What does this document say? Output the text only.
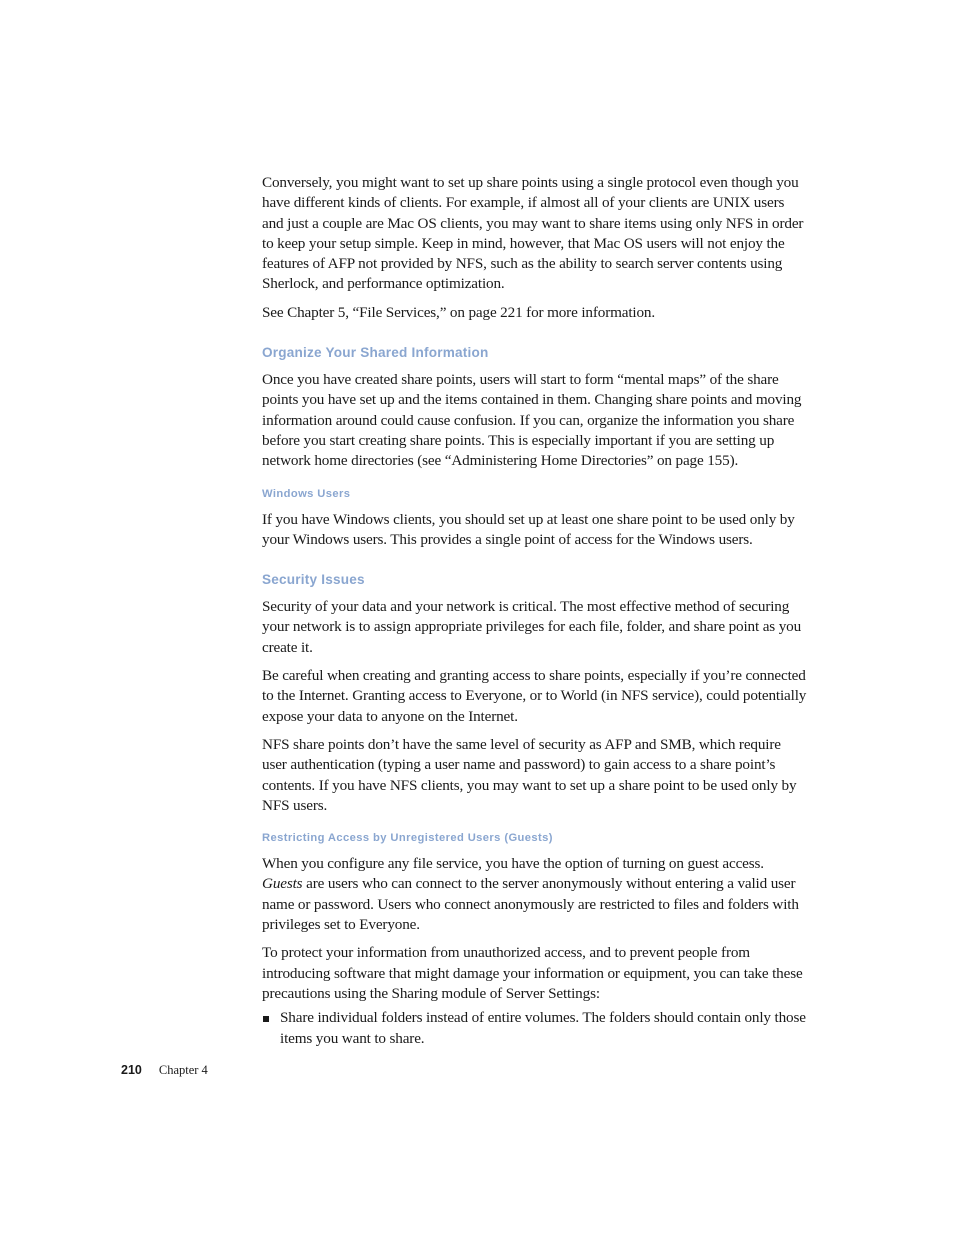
Conversely, you might want to set up share points using a single protocol even though you have different kinds of clients. For example, if almost all of your clients are UNIX users and just a couple are Mac OS clients, you may want to share items using only NFS in order to keep your setup simple. Keep in mind, however, that Mac OS users will not enjoy the features of AFP not provided by NFS, such as the ability to search server contents using Sherlock, and performance optimization.

See Chapter 5, “File Services,” on page 221 for more information.

Organize Your Shared Information

Once you have created share points, users will start to form “mental maps” of the share points you have set up and the items contained in them. Changing share points and moving information around could cause confusion. If you can, organize the information you share before you start creating share points. This is especially important if you are setting up network home directories (see “Administering Home Directories” on page 155).

Windows Users

If you have Windows clients, you should set up at least one share point to be used only by your Windows users. This provides a single point of access for the Windows users.

Security Issues

Security of your data and your network is critical. The most effective method of securing your network is to assign appropriate privileges for each file, folder, and share point as you create it.

Be careful when creating and granting access to share points, especially if you’re connected to the Internet. Granting access to Everyone, or to World (in NFS service), could potentially expose your data to anyone on the Internet.

NFS share points don’t have the same level of security as AFP and SMB, which require user authentication (typing a user name and password) to gain access to a share point’s contents. If you have NFS clients, you may want to set up a share point to be used only by NFS users.

Restricting Access by Unregistered Users (Guests)

When you configure any file service, you have the option of turning on guest access. Guests are users who can connect to the server anonymously without entering a valid user name or password. Users who connect anonymously are restricted to files and folders with privileges set to Everyone.

To protect your information from unauthorized access, and to prevent people from introducing software that might damage your information or equipment, you can take these precautions using the Sharing module of Server Settings:

Share individual folders instead of entire volumes. The folders should contain only those items you want to share.
210 Chapter 4
